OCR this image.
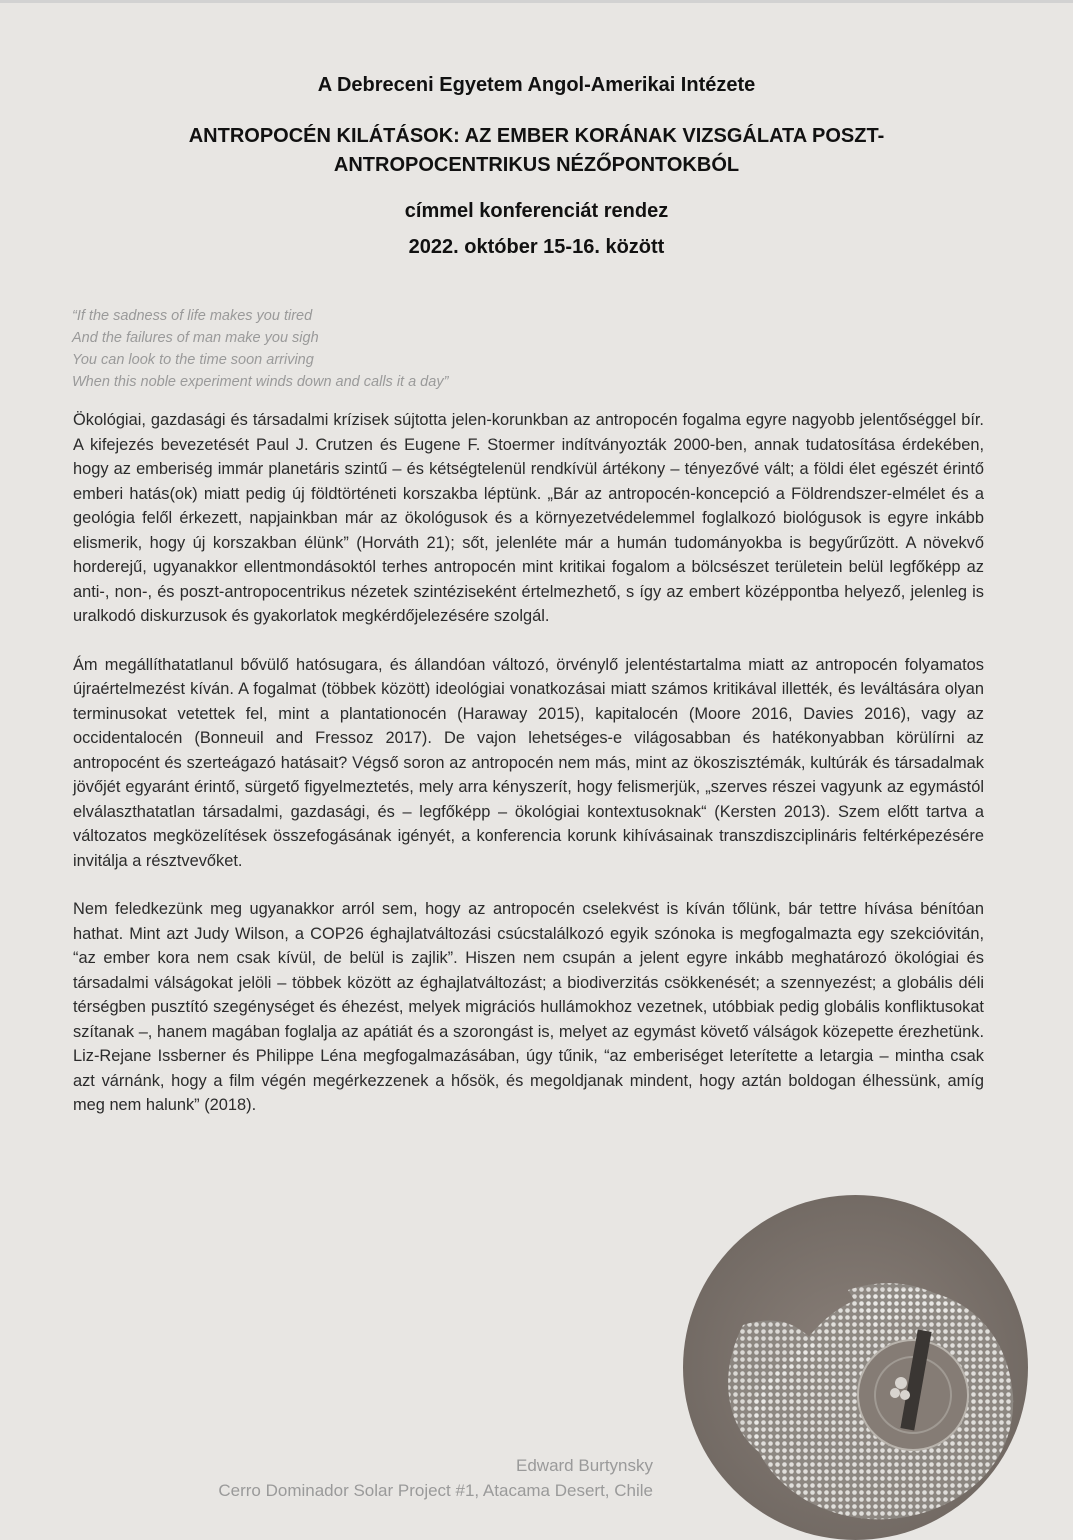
A Debreceni Egyetem Angol-Amerikai Intézete
ANTROPOCÉN KILÁTÁSOK: AZ EMBER KORÁNAK VIZSGÁLATA POSZT-ANTROPOCENTRIKUS NÉZŐPONTOKBÓL
címmel konferenciát rendez
2022. október 15-16. között
“If the sadness of life makes you tired
And the failures of man make you sigh
You can look to the time soon arriving
When this noble experiment winds down and calls it a day”

Ökológiai, gazdasági és társadalmi krízisek sújtotta jelen-korunkban az antropocén fogalma egyre nagyobb jelentőséggel bír. A kifejezés bevezetését Paul J. Crutzen és Eugene F. Stoermer indítványozták 2000-ben, annak tudatosítása érdekében, hogy az emberiség immár planetáris szintű – és kétségtelenül rendkívül ártékony – tényezővé vált; a földi élet egészét érintő emberi hatás(ok) miatt pedig új földtörténeti korszakba léptünk. „Bár az antropocén-koncepció a Földrendszer-elmélet és a geológia felől érkezett, napjainkban már az ökológusok és a környezetvédelemmel foglalkozó biológusok is egyre inkább elismerik, hogy új korszakban élünk” (Horváth 21); sőt, jelenléte már a humán tudományokba is begyűrűzött. A növekvő horderejű, ugyanakkor ellentmondásoktól terhes antropocén mint kritikai fogalom a bölcsészet területein belül legfőképp az anti-, non-, és poszt-antropocentrikus nézetek szintéziseként értelmezhető, s így az embert középpontba helyező, jelenleg is uralkodó diskurzusok és gyakorlatok megkérdőjelezésére szolgál.

Ám megállíthatatlanul bővülő hatósugara, és állandóan változó, örvénylő jelentéstartalma miatt az antropocén folyamatos újraértelmezést kíván. A fogalmat (többek között) ideológiai vonatkozásai miatt számos kritikával illették, és leváltására olyan terminusokat vetettek fel, mint a plantationocén (Haraway 2015), kapitalocén (Moore 2016, Davies 2016), vagy az occidentalocén (Bonneuil and Fressoz 2017). De vajon lehetséges-e világosabban és hatékonyabban körülírni az antropocént és szerteágazó hatásait? Végső soron az antropocén nem más, mint az ökoszisztémák, kultúrák és társadalmak jövőjét egyaránt érintő, sürgető figyelmeztetés, mely arra kényszerít, hogy felismerjük, „szerves részei vagyunk az egymástól elválaszthatatlan társadalmi, gazdasági, és – legfőképp – ökológiai kontextusoknak“ (Kersten 2013). Szem előtt tartva a változatos megközelítések összefogásának igényét, a konferencia korunk kihívásainak transzdiszciplináris feltérképezésére invitálja a résztvevőket.

Nem feledkezünk meg ugyanakkor arról sem, hogy az antropocén cselekvést is kíván tőlünk, bár tettre hívása bénítóan hathat. Mint azt Judy Wilson, a COP26 éghajlatváltozási csúcstalálkozó egyik szónoka is megfogalmazta egy szekcióvitán, “az ember kora nem csak kívül, de belül is zajlik”. Hiszen nem csupán a jelent egyre inkább meghatározó ökológiai és társadalmi válságokat jelöli – többek között az éghajlatváltozást; a biodiverzitás csökkenését; a szennyezést; a globális déli térségben pusztító szegénységet és éhezést, melyek migrációs hullámokhoz vezetnek, utóbbiak pedig globális konfliktusokat szítanak –, hanem magában foglalja az apátiát és a szorongást is, melyet az egymást követő válságok közepette érezhetünk. Liz-Rejane Issberner és Philippe Léna megfogalmazásában, úgy tűnik, “az emberiséget leterítette a letargia – mintha csak azt várnánk, hogy a film végén megérkezzenek a hősök, és megoldjanak mindent, hogy aztán boldogan élhessünk, amíg meg nem halunk” (2018).

Edward Burtynsky
Cerro Dominador Solar Project #1, Atacama Desert, Chile
